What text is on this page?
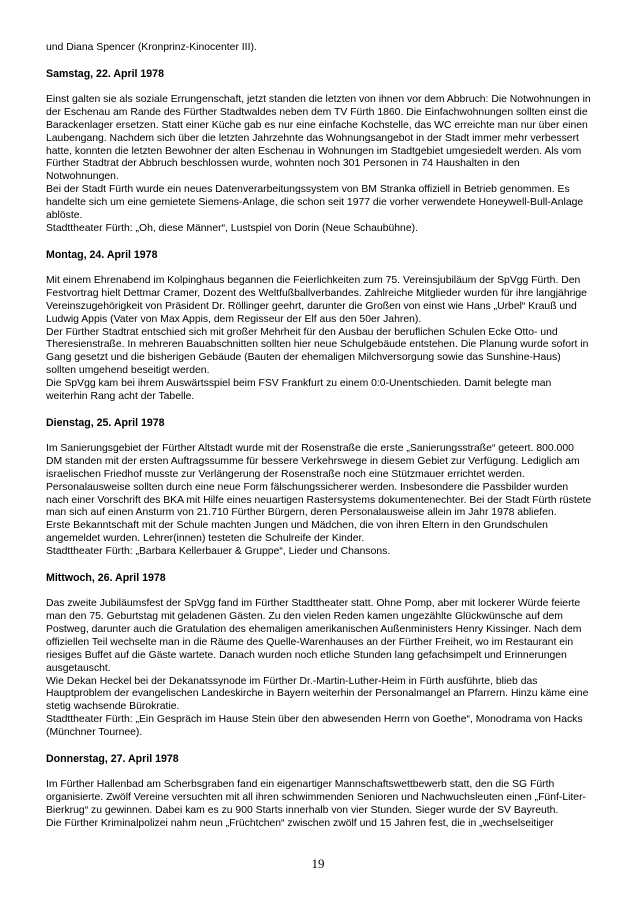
und Diana Spencer (Kronprinz-Kinocenter III).

Samstag, 22. April 1978

Einst galten sie als soziale Errungenschaft, jetzt standen die letzten von ihnen vor dem Abbruch: Die Notwohnungen in der Eschenau am Rande des Fürther Stadtwaldes neben dem TV Fürth 1860. Die Einfachwohnungen sollten einst die Barackenlager ersetzen. Statt einer Küche gab es nur eine einfache Kochstelle, das WC erreichte man nur über einen Laubengang. Nachdem sich über die letzten Jahrzehnte das Wohnungsangebot in der Stadt immer mehr verbessert hatte, konnten die letzten Bewohner der alten Eschenau in Wohnungen im Stadtgebiet umgesiedelt werden. Als vom Fürther Stadtrat der Abbruch beschlossen wurde, wohnten noch 301 Personen in 74 Haushalten in den Notwohnungen.

Bei der Stadt Fürth wurde ein neues Datenverarbeitungssystem von BM Stranka offiziell in Betrieb genommen. Es handelte sich um eine gemietete Siemens-Anlage, die schon seit 1977 die vorher verwendete Honeywell-Bull-Anlage ablöste.

Stadttheater Fürth: „Oh, diese Männer“, Lustspiel von Dorin (Neue Schaubühne).

Montag, 24. April 1978

Mit einem Ehrenabend im Kolpinghaus begannen die Feierlichkeiten zum 75. Vereinsjubiläum der SpVgg Fürth. Den Festvortrag hielt Dettmar Cramer, Dozent des Weltfußballverbandes. Zahlreiche Mitglieder wurden für ihre langjährige Vereinszugehörigkeit von Präsident Dr. Röllinger geehrt, darunter die Großen von einst wie Hans „Urbel“ Krauß und Ludwig Appis (Vater von Max Appis, dem Regisseur der Elf aus den 50er Jahren).

Der Fürther Stadtrat entschied sich mit großer Mehrheit für den Ausbau der beruflichen Schulen Ecke Otto- und Theresienstraße. In mehreren Bauabschnitten sollten hier neue Schulgebäude entstehen. Die Planung wurde sofort in Gang gesetzt und die bisherigen Gebäude (Bauten der ehemaligen Milchversorgung sowie das Sunshine-Haus) sollten umgehend beseitigt werden.

Die SpVgg kam bei ihrem Auswärtsspiel beim FSV Frankfurt zu einem 0:0-Unentschieden. Damit belegte man weiterhin Rang acht der Tabelle.

Dienstag, 25. April 1978

Im Sanierungsgebiet der Fürther Altstadt wurde mit der Rosenstraße die erste „Sanierungsstraße“ geteert. 800.000 DM standen mit der ersten Auftragssumme für bessere Verkehrswege in diesem Gebiet zur Verfügung. Lediglich am israelischen Friedhof musste zur Verlängerung der Rosenstraße noch eine Stützmauer errichtet werden.

Personalausweise sollten durch eine neue Form fälschungssicherer werden. Insbesondere die Passbilder wurden nach einer Vorschrift des BKA mit Hilfe eines neuartigen Rastersystems dokumentenechter. Bei der Stadt Fürth rüstete man sich auf einen Ansturm von 21.710 Fürther Bürgern, deren Personalausweise allein im Jahr 1978 abliefen.

Erste Bekanntschaft mit der Schule machten Jungen und Mädchen, die von ihren Eltern in den Grundschulen angemeldet wurden. Lehrer(innen) testeten die Schulreife der Kinder.

Stadttheater Fürth: „Barbara Kellerbauer & Gruppe“, Lieder und Chansons.

Mittwoch, 26. April 1978

Das zweite Jubiläumsfest der SpVgg fand im Fürther Stadttheater statt. Ohne Pomp, aber mit lockerer Würde feierte man den 75. Geburtstag mit geladenen Gästen. Zu den vielen Reden kamen ungezählte Glückwünsche auf dem Postweg, darunter auch die Gratulation des ehemaligen amerikanischen Außenministers Henry Kissinger. Nach dem offiziellen Teil wechselte man in die Räume des Quelle-Warenhauses an der Fürther Freiheit, wo im Restaurant ein riesiges Buffet auf die Gäste wartete. Danach wurden noch etliche Stunden lang gefachsimpelt und Erinnerungen ausgetauscht.

Wie Dekan Heckel bei der Dekanatssynode im Fürther Dr.-Martin-Luther-Heim in Fürth ausführte, blieb das Hauptproblem der evangelischen Landeskirche in Bayern weiterhin der Personalmangel an Pfarrern. Hinzu käme eine stetig wachsende Bürokratie.

Stadttheater Fürth: „Ein Gespräch im Hause Stein über den abwesenden Herrn von Goethe“, Monodrama von Hacks (Münchner Tournee).

Donnerstag, 27. April 1978

Im Fürther Hallenbad am Scherbsgraben fand ein eigenartiger Mannschaftswettbewerb statt, den die SG Fürth organisierte. Zwölf Vereine versuchten mit all ihren schwimmenden Senioren und Nachwuchsleuten einen „Fünf-Liter-Bierkrug“ zu gewinnen. Dabei kam es zu 900 Starts innerhalb von vier Stunden. Sieger wurde der SV Bayreuth.

Die Fürther Kriminalpolizei nahm neun „Früchtchen“ zwischen zwölf und 15 Jahren fest, die in „wechselseitiger

19
